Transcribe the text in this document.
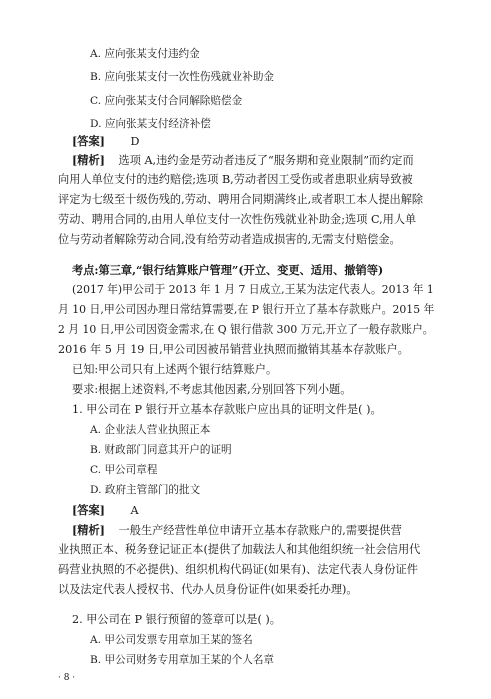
A. 应向张某支付违约金
B. 应向张某支付一次性伤残就业补助金
C. 应向张某支付合同解除赔偿金
D. 应向张某支付经济补偿
[答案] D
[精析] 选项 A,违约金是劳动者违反了“服务期和竞业限制”而约定而
向用人单位支付的违约赔偿;选项 B,劳动者因工受伤或者患职业病导致被
评定为七级至十级伤残的,劳动、聘用合同期满终止,或者职工本人提出解除
劳动、聘用合同的,由用人单位支付一次性伤残就业补助金;选项 C,用人单
位与劳动者解除劳动合同,没有给劳动者造成损害的,无需支付赔偿金。
考点:第三章,“银行结算账户管理”(开立、变更、适用、撤销等)
(2017 年)甲公司于 2013 年 1 月 7 日成立,王某为法定代表人。2013 年 1
月 10 日,甲公司因办理日常结算需要,在 P 银行开立了基本存款账户。2015 年
2 月 10 日,甲公司因资金需求,在 Q 银行借款 300 万元,开立了一般存款账户。
2016 年 5 月 19 日,甲公司因被吊销营业执照而撤销其基本存款账户。
已知:甲公司只有上述两个银行结算账户。
要求:根据上述资料,不考虑其他因素,分别回答下列小题。
1. 甲公司在 P 银行开立基本存款账户应出具的证明文件是( )。
A. 企业法人营业执照正本
B. 财政部门同意其开户的证明
C. 甲公司章程
D. 政府主管部门的批文
[答案] A
[精析] 一般生产经营性单位申请开立基本存款账户的,需要提供营
业执照正本、税务登记证正本(提供了加载法人和其他组织统一社会信用代
码营业执照的不必提供)、组织机构代码证(如果有)、法定代表人身份证件
以及法定代表人授权书、代办人员身份证件(如果委托办理)。
2. 甲公司在 P 银行预留的签章可以是( )。
A. 甲公司发票专用章加王某的签名
B. 甲公司财务专用章加王某的个人名章
· 8 ·
